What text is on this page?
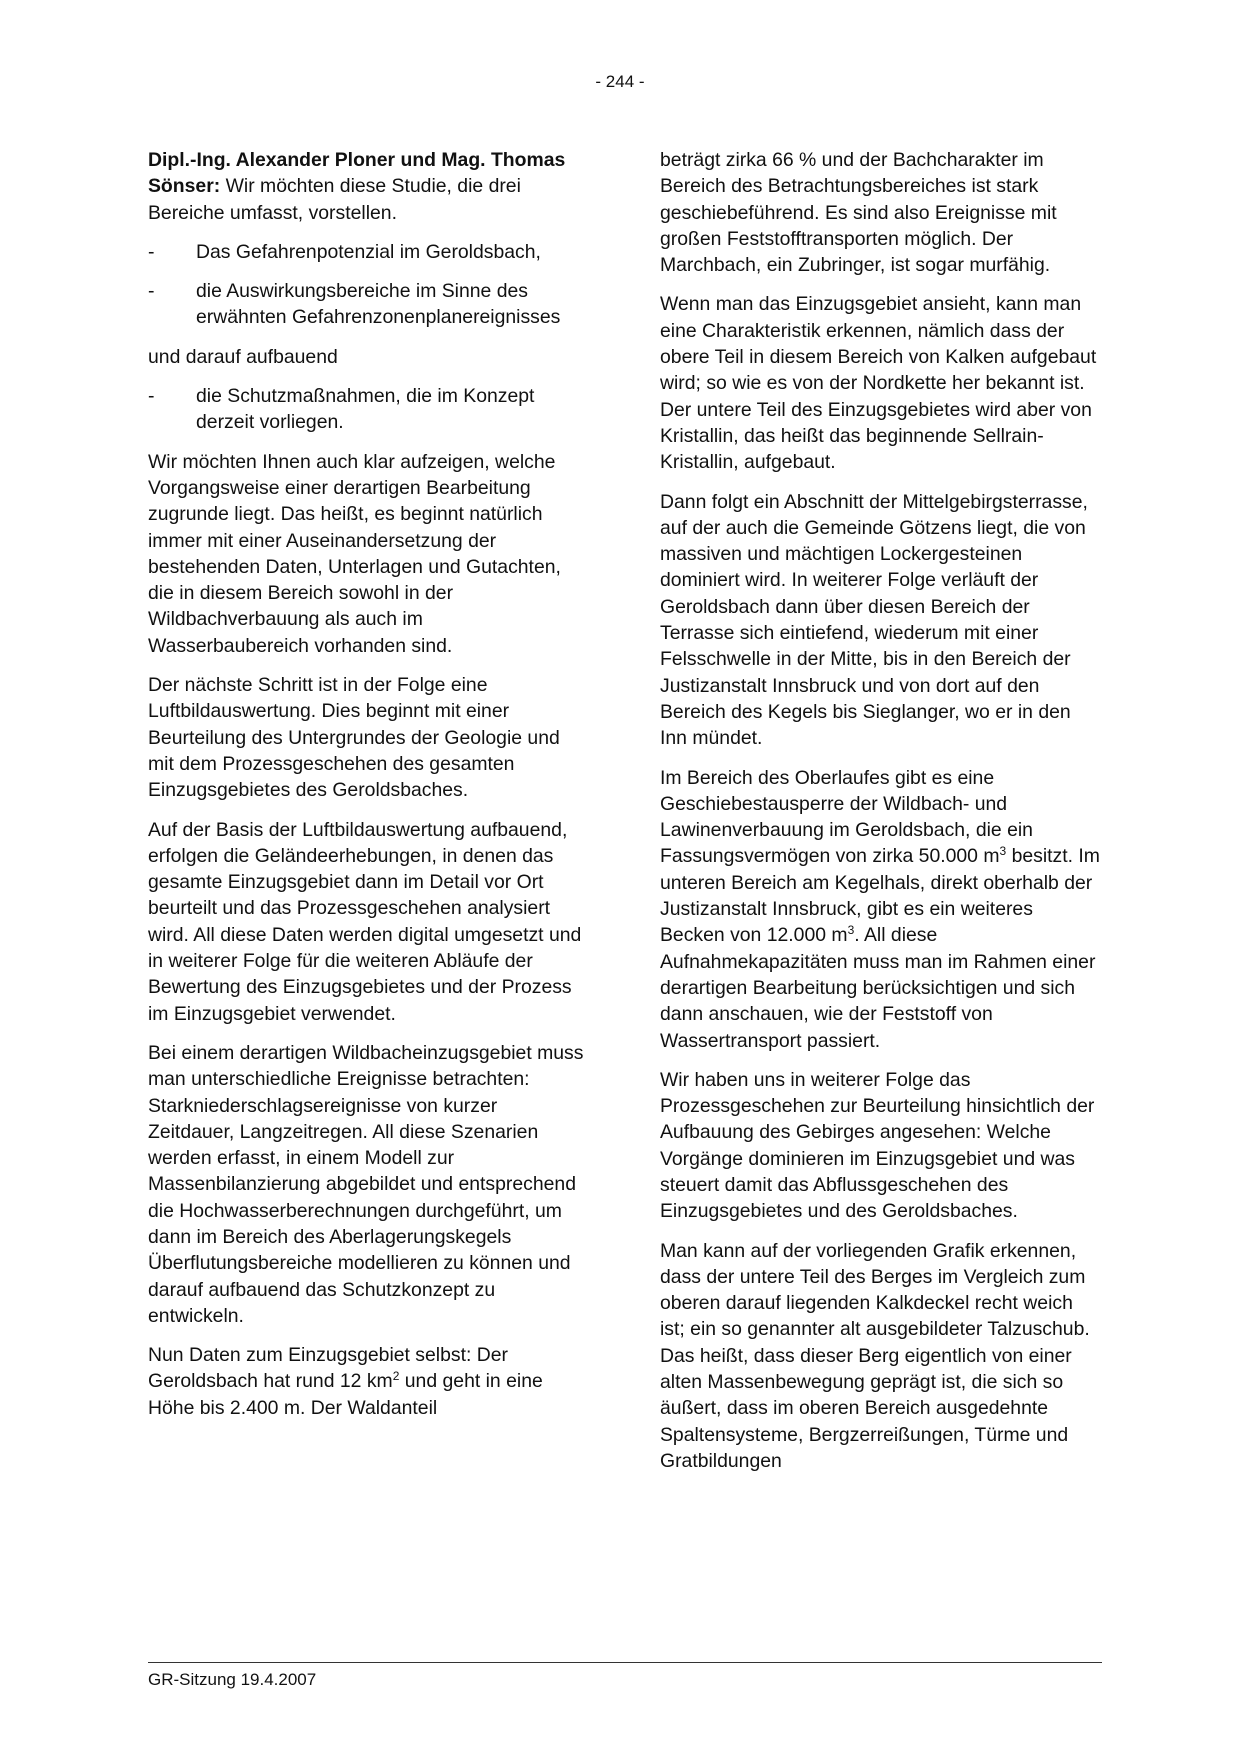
- 244 -

Dipl.-Ing. Alexander Ploner und Mag. Thomas Sönser: Wir möchten diese Studie, die drei Bereiche umfasst, vorstellen.

-	Das Gefahrenpotenzial im Geroldsbach,
-	die Auswirkungsbereiche im Sinne des erwähnten Gefahrenzonenplanereignisses

und darauf aufbauend

-	die Schutzmaßnahmen, die im Konzept derzeit vorliegen.

Wir möchten Ihnen auch klar aufzeigen, welche Vorgangsweise einer derartigen Bearbeitung zugrunde liegt. Das heißt, es beginnt natürlich immer mit einer Auseinandersetzung der bestehenden Daten, Unterlagen und Gutachten, die in diesem Bereich sowohl in der Wildbachverbauung als auch im Wasserbaubereich vorhanden sind.

Der nächste Schritt ist in der Folge eine Luftbildauswertung. Dies beginnt mit einer Beurteilung des Untergrundes der Geologie und mit dem Prozessgeschehen des gesamten Einzugsgebietes des Geroldsbaches.

Auf der Basis der Luftbildauswertung aufbauend, erfolgen die Geländeerhebungen, in denen das gesamte Einzugsgebiet dann im Detail vor Ort beurteilt und das Prozessgeschehen analysiert wird. All diese Daten werden digital umgesetzt und in weiterer Folge für die weiteren Abläufe der Bewertung des Einzugsgebietes und der Prozess im Einzugsgebiet verwendet.

Bei einem derartigen Wildbacheinzugsgebiet muss man unterschiedliche Ereignisse betrachten: Starkniederschlagsereignisse von kurzer Zeitdauer, Langzeitregen. All diese Szenarien werden erfasst, in einem Modell zur Massenbilanzierung abgebildet und entsprechend die Hochwasserberechnungen durchgeführt, um dann im Bereich des Aberlagerungskegels Überflutungsbereiche modellieren zu können und darauf aufbauend das Schutzkonzept zu entwickeln.

Nun Daten zum Einzugsgebiet selbst: Der Geroldsbach hat rund 12 $km^2$ und geht in eine Höhe bis 2.400 m. Der Waldanteil

beträgt zirka 66 % und der Bachcharakter im Bereich des Betrachtungsbereiches ist stark geschiebeführend. Es sind also Ereignisse mit großen Feststofftransporten möglich. Der Marchbach, ein Zubringer, ist sogar murfähig.

Wenn man das Einzugsgebiet ansieht, kann man eine Charakteristik erkennen, nämlich dass der obere Teil in diesem Bereich von Kalken aufgebaut wird; so wie es von der Nordkette her bekannt ist. Der untere Teil des Einzugsgebietes wird aber von Kristallin, das heißt das beginnende Sellrain-Kristallin, aufgebaut.

Dann folgt ein Abschnitt der Mittelgebirgsterrasse, auf der auch die Gemeinde Götzens liegt, die von massiven und mächtigen Lockergesteinen dominiert wird. In weiterer Folge verläuft der Geroldsbach dann über diesen Bereich der Terrasse sich eintiefend, wiederum mit einer Felsschwelle in der Mitte, bis in den Bereich der Justizanstalt Innsbruck und von dort auf den Bereich des Kegels bis Sieglanger, wo er in den Inn mündet.

Im Bereich des Oberlaufes gibt es eine Geschiebestausperre der Wildbach- und Lawinenverbauung im Geroldsbach, die ein Fassungsvermögen von zirka 50.000 $m^3$ besitzt. Im unteren Bereich am Kegelhals, direkt oberhalb der Justizanstalt Innsbruck, gibt es ein weiteres Becken von 12.000 $m^3$. All diese Aufnahmekapazitäten muss man im Rahmen einer derartigen Bearbeitung berücksichtigen und sich dann anschauen, wie der Feststoff von Wassertransport passiert.

Wir haben uns in weiterer Folge das Prozessgeschehen zur Beurteilung hinsichtlich der Aufbauung des Gebirges angesehen: Welche Vorgänge dominieren im Einzugsgebiet und was steuert damit das Abflussgeschehen des Einzugsgebietes und des Geroldsbaches.

Man kann auf der vorliegenden Grafik erkennen, dass der untere Teil des Berges im Vergleich zum oberen darauf liegenden Kalkdeckel recht weich ist; ein so genannter alt ausgebildeter Talzuschub. Das heißt, dass dieser Berg eigentlich von einer alten Massenbewegung geprägt ist, die sich so äußert, dass im oberen Bereich ausgedehnte Spaltensysteme, Bergzerreißungen, Türme und Gratbildungen

GR-Sitzung 19.4.2007
